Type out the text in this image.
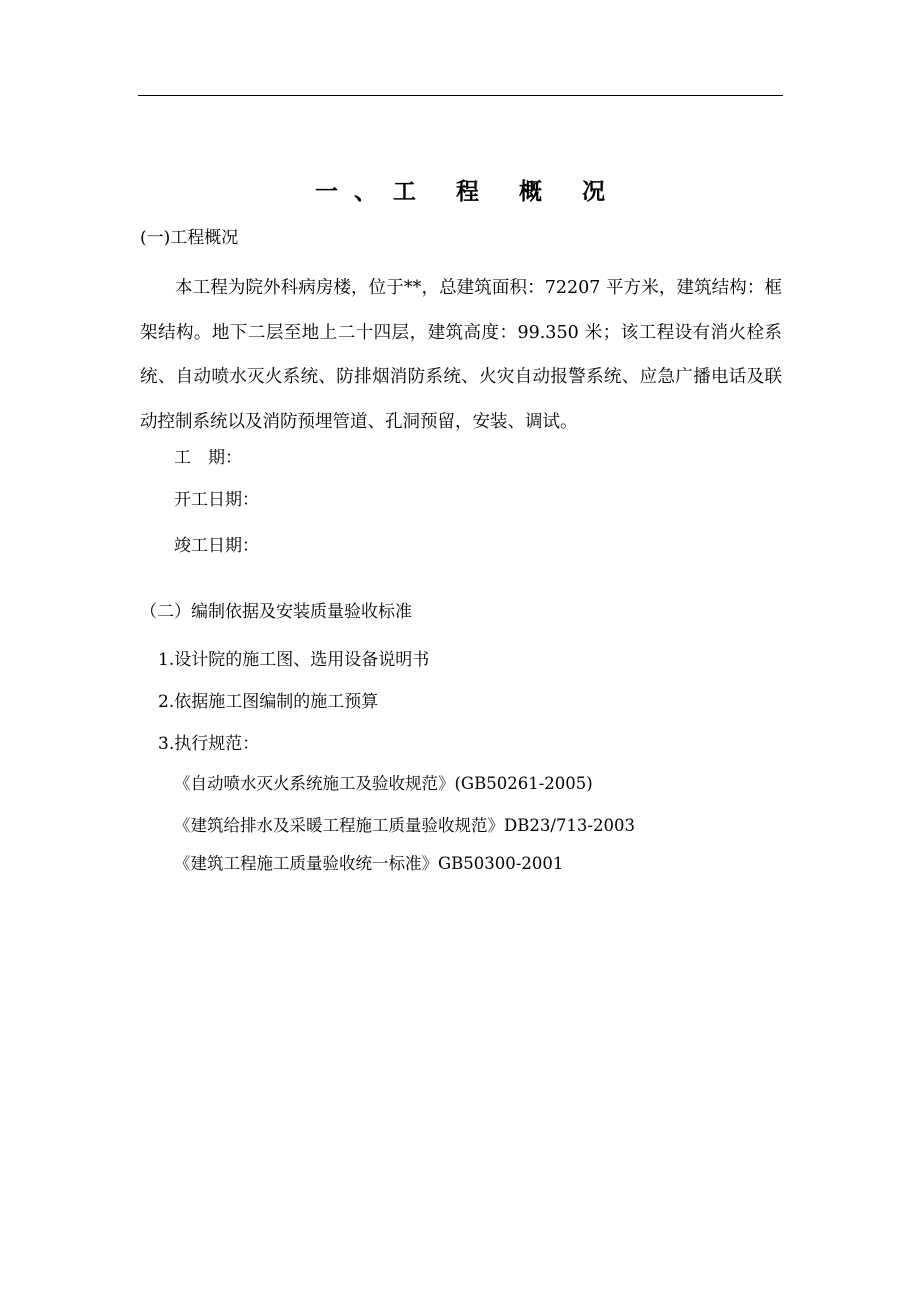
一、工 程 概 况
(一)工程概况
本工程为院外科病房楼，位于**，总建筑面积：72207 平方米，建筑结构：框架结构。地下二层至地上二十四层，建筑高度：99.350 米；该工程设有消火栓系统、自动喷水灭火系统、防排烟消防系统、火灾自动报警系统、应急广播电话及联动控制系统以及消防预埋管道、孔洞预留，安装、调试。
工　期：
开工日期：
竣工日期：
（二）编制依据及安装质量验收标准
1.设计院的施工图、选用设备说明书
2.依据施工图编制的施工预算
3.执行规范：
《自动喷水灭火系统施工及验收规范》(GB50261-2005)
《建筑给排水及采暖工程施工质量验收规范》DB23/713-2003
《建筑工程施工质量验收统一标准》GB50300-2001
